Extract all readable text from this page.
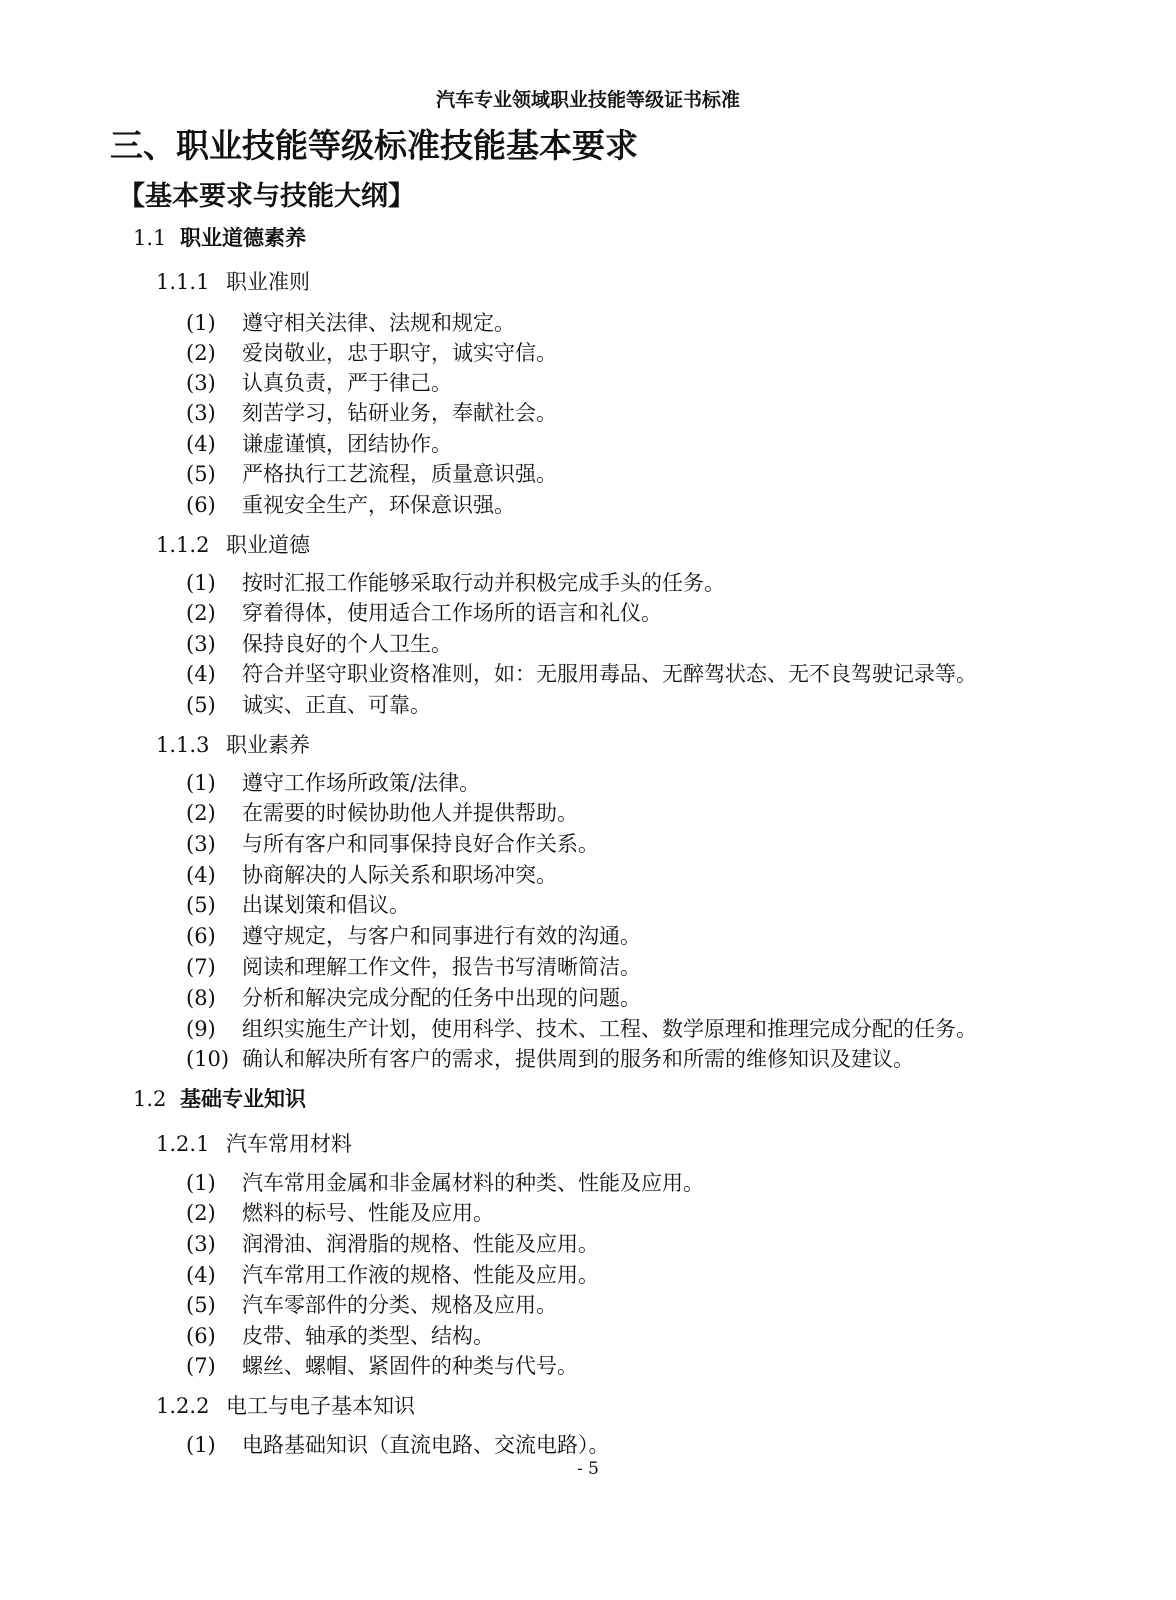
汽车专业领域职业技能等级证书标准
三、职业技能等级标准技能基本要求
【基本要求与技能大纲】
1.1 职业道德素养
1.1.1 职业准则
(1) 遵守相关法律、法规和规定。
(2) 爱岗敬业，忠于职守，诚实守信。
(3) 认真负责，严于律己。
(3) 刻苦学习，钻研业务，奉献社会。
(4) 谦虚谨慎，团结协作。
(5) 严格执行工艺流程，质量意识强。
(6) 重视安全生产，环保意识强。
1.1.2 职业道德
(1) 按时汇报工作能够采取行动并积极完成手头的任务。
(2) 穿着得体，使用适合工作场所的语言和礼仪。
(3) 保持良好的个人卫生。
(4) 符合并坚守职业资格准则，如：无服用毒品、无醉驾状态、无不良驾驶记录等。
(5) 诚实、正直、可靠。
1.1.3 职业素养
(1) 遵守工作场所政策/法律。
(2) 在需要的时候协助他人并提供帮助。
(3) 与所有客户和同事保持良好合作关系。
(4) 协商解决的人际关系和职场冲突。
(5) 出谋划策和倡议。
(6) 遵守规定，与客户和同事进行有效的沟通。
(7) 阅读和理解工作文件，报告书写清晰简洁。
(8) 分析和解决完成分配的任务中出现的问题。
(9) 组织实施生产计划，使用科学、技术、工程、数学原理和推理完成分配的任务。
(10) 确认和解决所有客户的需求，提供周到的服务和所需的维修知识及建议。
1.2 基础专业知识
1.2.1 汽车常用材料
(1) 汽车常用金属和非金属材料的种类、性能及应用。
(2) 燃料的标号、性能及应用。
(3) 润滑油、润滑脂的规格、性能及应用。
(4) 汽车常用工作液的规格、性能及应用。
(5) 汽车零部件的分类、规格及应用。
(6) 皮带、轴承的类型、结构。
(7) 螺丝、螺帽、紧固件的种类与代号。
1.2.2 电工与电子基本知识
(1) 电路基础知识（直流电路、交流电路）。
- 5
